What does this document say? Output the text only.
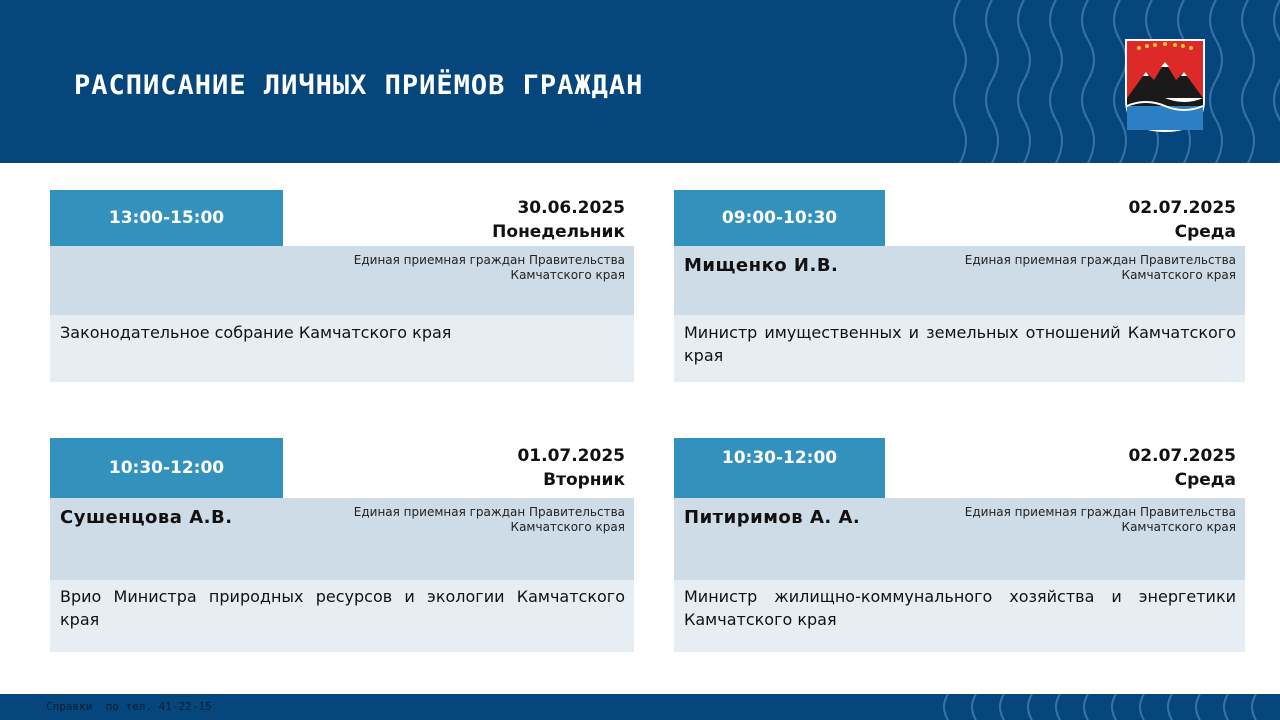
РАСПИСАНИЕ ЛИЧНЫХ ПРИЁМОВ ГРАЖДАН
13:00-15:00	30.06.2025
Понедельник
Единая приемная граждан Правительства Камчатского края
Законодательное собрание Камчатского края
09:00-10:30	02.07.2025
Среда
Мищенко И.В.	Единая приемная граждан Правительства Камчатского края
Министр имущественных и земельных отношений Камчатского края
10:30-12:00
01.07.2025
Вторник
Сушенцова А.В.	Единая приемная граждан Правительства Камчатского края
Врио Министра природных ресурсов и экологии Камчатского края
10:30-12:00	02.07.2025
Среда
Питиримов А. А.	Единая приемная граждан Правительства Камчатского края
Министр жилищно-коммунального хозяйства и энергетики Камчатского края
Справки  по тел. 41-22-15
